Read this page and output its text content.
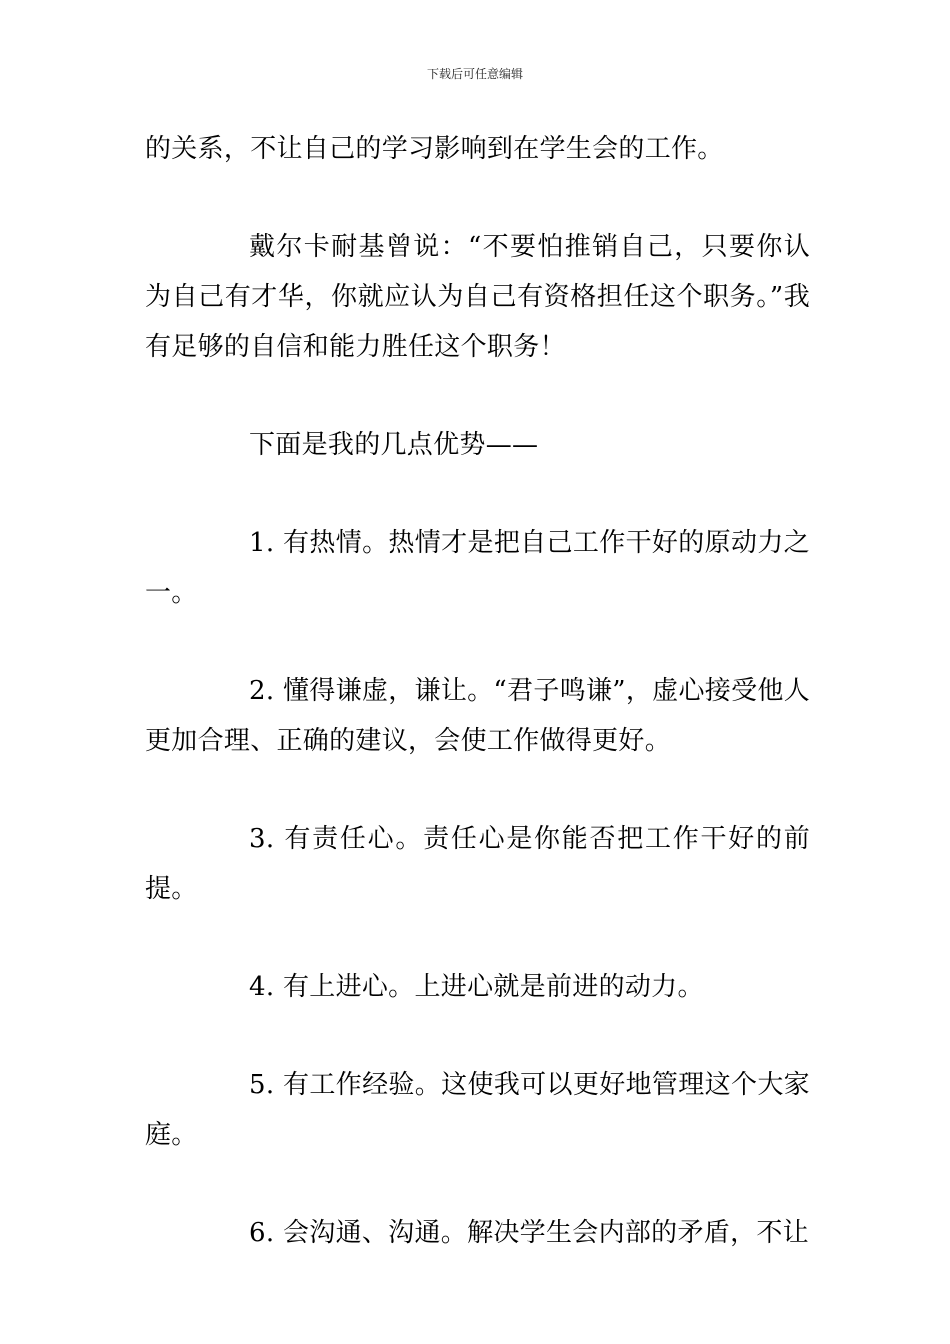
下载后可任意编辑

的关系，不让自己的学习影响到在学生会的工作。

戴尔卡耐基曾说：“不要怕推销自己，只要你认为自己有才华，你就应认为自己有资格担任这个职务。”我有足够的自信和能力胜任这个职务！

下面是我的几点优势——

1. 有热情。热情才是把自己工作干好的原动力之一。

2. 懂得谦虚，谦让。“君子鸣谦”，虚心接受他人更加合理、正确的建议，会使工作做得更好。

3. 有责任心。责任心是你能否把工作干好的前提。

4. 有上进心。上进心就是前进的动力。

5. 有工作经验。这使我可以更好地管理这个大家庭。

6. 会沟通、沟通。解决学生会内部的矛盾，不让
